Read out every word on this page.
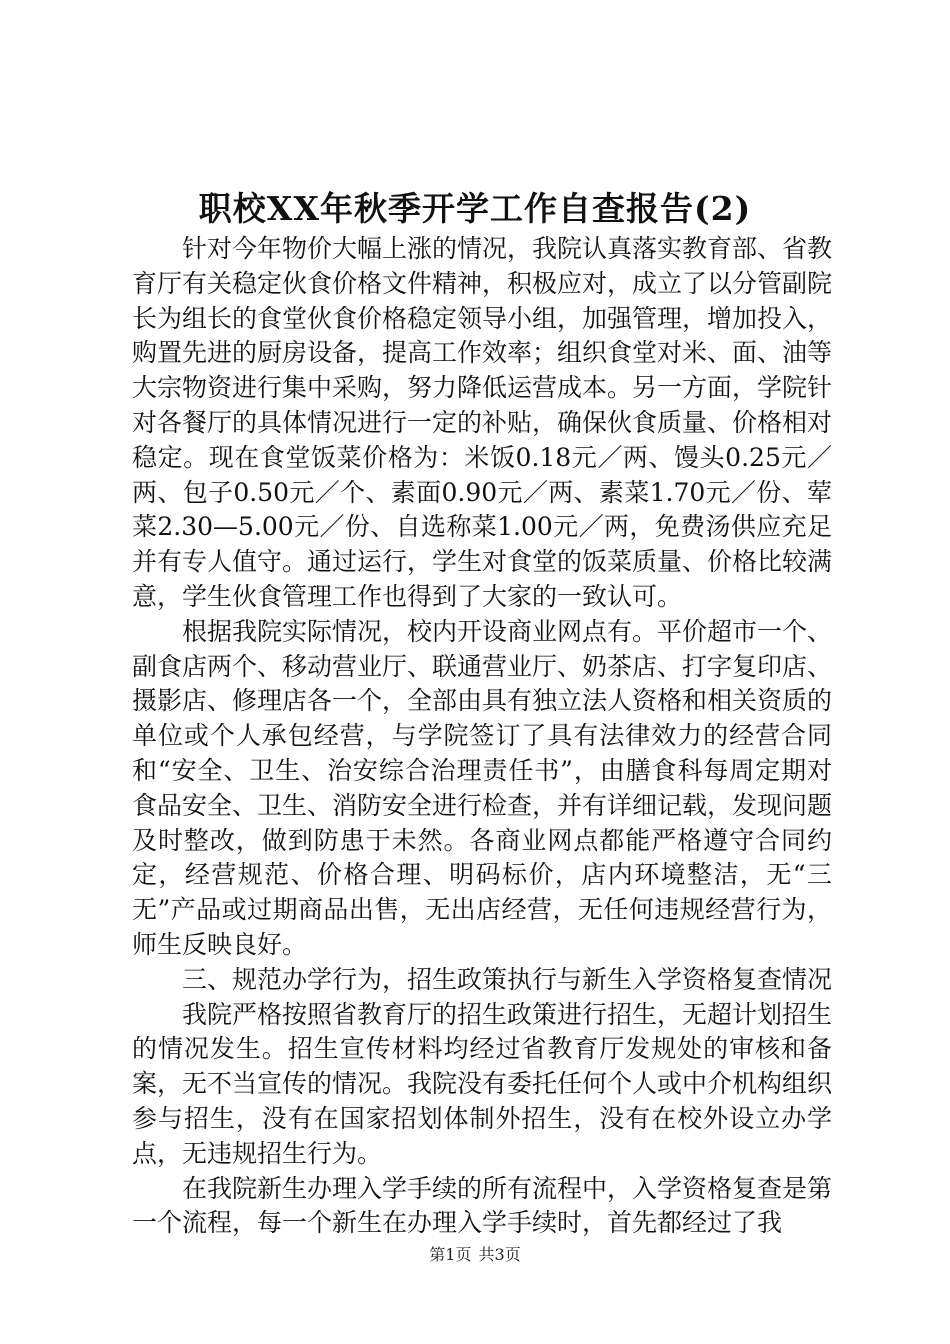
职校XX年秋季开学工作自查报告(2)

针对今年物价大幅上涨的情况，我院认真落实教育部、省教育厅有关稳定伙食价格文件精神，积极应对，成立了以分管副院长为组长的食堂伙食价格稳定领导小组，加强管理，增加投入，购置先进的厨房设备，提高工作效率；组织食堂对米、面、油等大宗物资进行集中采购，努力降低运营成本。另一方面，学院针对各餐厅的具体情况进行一定的补贴，确保伙食质量、价格相对稳定。现在食堂饭菜价格为：米饭0.18元／两、馒头0.25元／两、包子0.50元／个、素面0.90元／两、素菜1.70元／份、荤菜2.30—5.00元／份、自选称菜1.00元／两，免费汤供应充足并有专人值守。通过运行，学生对食堂的饭菜质量、价格比较满意，学生伙食管理工作也得到了大家的一致认可。

根据我院实际情况，校内开设商业网点有。平价超市一个、副食店两个、移动营业厅、联通营业厅、奶茶店、打字复印店、摄影店、修理店各一个，全部由具有独立法人资格和相关资质的单位或个人承包经营，与学院签订了具有法律效力的经营合同和“安全、卫生、治安综合治理责任书”，由膳食科每周定期对食品安全、卫生、消防安全进行检查，并有详细记载，发现问题及时整改，做到防患于未然。各商业网点都能严格遵守合同约定，经营规范、价格合理、明码标价，店内环境整洁，无“三无”产品或过期商品出售，无出店经营，无任何违规经营行为，师生反映良好。

三、规范办学行为，招生政策执行与新生入学资格复查情况

我院严格按照省教育厅的招生政策进行招生，无超计划招生的情况发生。招生宣传材料均经过省教育厅发规处的审核和备案，无不当宣传的情况。我院没有委托任何个人或中介机构组织参与招生，没有在国家招划体制外招生，没有在校外设立办学点，无违规招生行为。

在我院新生办理入学手续的所有流程中，入学资格复查是第一个流程，每一个新生在办理入学手续时，首先都经过了我

第1页 共3页
